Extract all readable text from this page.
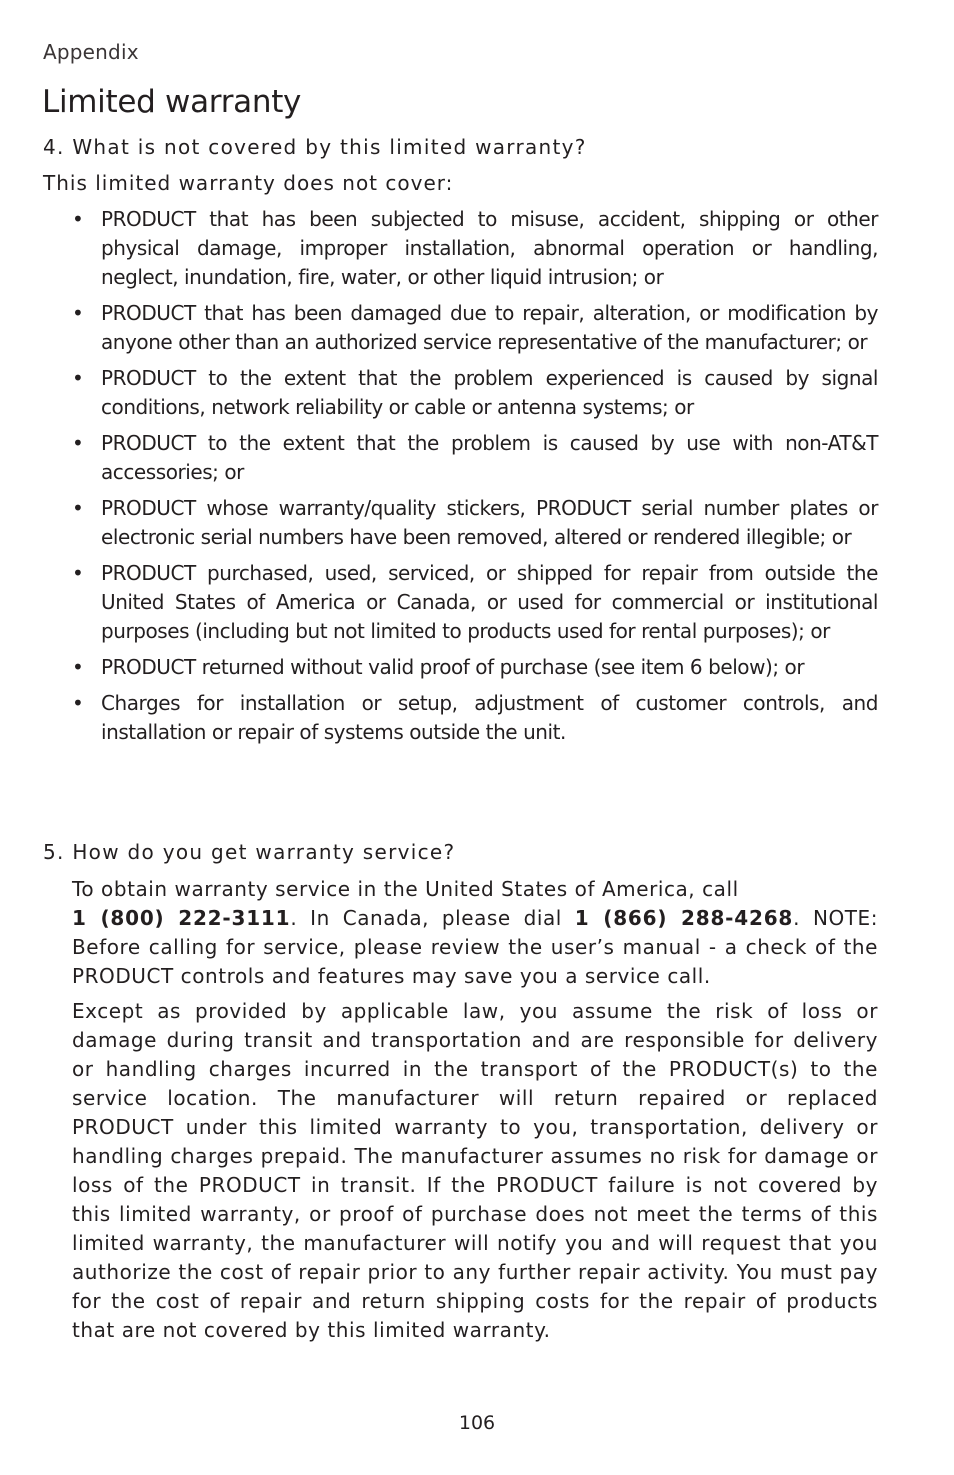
Appendix
Limited warranty

4. What is not covered by this limited warranty?

This limited warranty does not cover:
• PRODUCT that has been subjected to misuse, accident, shipping or other physical damage, improper installation, abnormal operation or handling, neglect, inundation, fire, water, or other liquid intrusion; or
• PRODUCT that has been damaged due to repair, alteration, or modification by anyone other than an authorized service representative of the manufacturer; or
• PRODUCT to the extent that the problem experienced is caused by signal conditions, network reliability or cable or antenna systems; or
• PRODUCT to the extent that the problem is caused by use with non-AT&T accessories; or
• PRODUCT whose warranty/quality stickers, PRODUCT serial number plates or electronic serial numbers have been removed, altered or rendered illegible; or
• PRODUCT purchased, used, serviced, or shipped for repair from outside the United States of America or Canada, or used for commercial or institutional purposes (including but not limited to products used for rental purposes); or
• PRODUCT returned without valid proof of purchase (see item 6 below); or
• Charges for installation or setup, adjustment of customer controls, and installation or repair of systems outside the unit.

5. How do you get warranty service?

To obtain warranty service in the United States of America, call
1 (800) 222-3111. In Canada, please dial 1 (866) 288-4268. NOTE: Before calling for service, please review the user’s manual - a check of the PRODUCT controls and features may save you a service call.

Except as provided by applicable law, you assume the risk of loss or damage during transit and transportation and are responsible for delivery or handling charges incurred in the transport of the PRODUCT(s) to the service location. The manufacturer will return repaired or replaced PRODUCT under this limited warranty to you, transportation, delivery or handling charges prepaid. The manufacturer assumes no risk for damage or loss of the PRODUCT in transit. If the PRODUCT failure is not covered by this limited warranty, or proof of purchase does not meet the terms of this limited warranty, the manufacturer will notify you and will request that you authorize the cost of repair prior to any further repair activity. You must pay for the cost of repair and return shipping costs for the repair of products that are not covered by this limited warranty.

106
